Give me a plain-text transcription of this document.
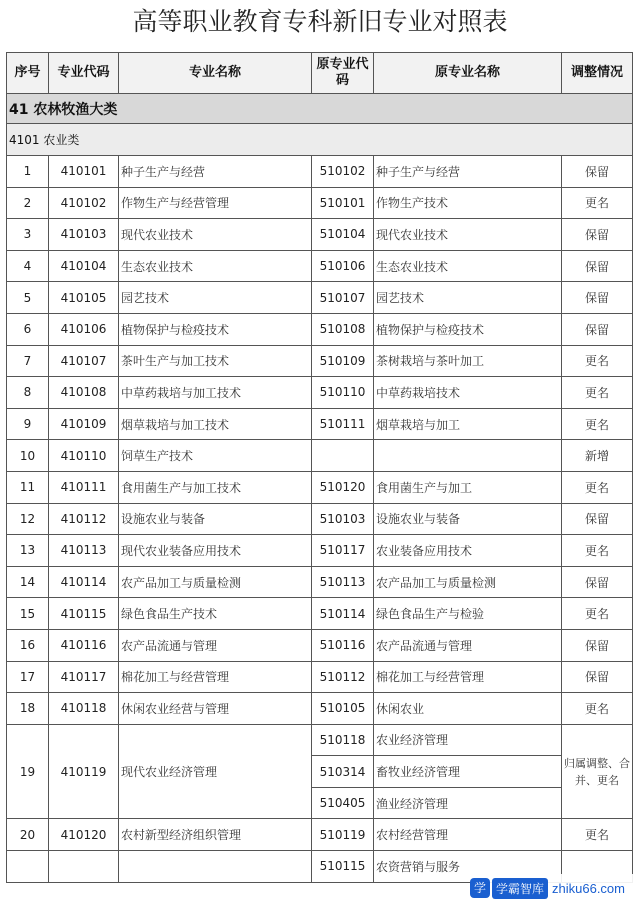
高等职业教育专科新旧专业对照表
序号	专业代码	专业名称	原专业代码	原专业名称	调整情况
41 农林牧渔大类					
4101 农业类					
1	410101	种子生产与经营	510102	种子生产与经营	保留
2	410102	作物生产与经营管理	510101	作物生产技术	更名
3	410103	现代农业技术	510104	现代农业技术	保留
4	410104	生态农业技术	510106	生态农业技术	保留
5	410105	园艺技术	510107	园艺技术	保留
6	410106	植物保护与检疫技术	510108	植物保护与检疫技术	保留
7	410107	茶叶生产与加工技术	510109	茶树栽培与茶叶加工	更名
8	410108	中草药栽培与加工技术	510110	中草药栽培技术	更名
9	410109	烟草栽培与加工技术	510111	烟草栽培与加工	更名
10	410110	饲草生产技术			新增
11	410111	食用菌生产与加工技术	510120	食用菌生产与加工	更名
12	410112	设施农业与装备	510103	设施农业与装备	保留
13	410113	现代农业装备应用技术	510117	农业装备应用技术	更名
14	410114	农产品加工与质量检测	510113	农产品加工与质量检测	保留
15	410115	绿色食品生产技术	510114	绿色食品生产与检验	更名
16	410116	农产品流通与管理	510116	农产品流通与管理	保留
17	410117	棉花加工与经营管理	510112	棉花加工与经营管理	保留
18	410118	休闲农业经营与管理	510105	休闲农业	更名
19	410119	现代农业经济管理	510118	农业经济管理	归属调整、合并、更名
			510314	畜牧业经济管理	
			510405	渔业经济管理	
20	410120	农村新型经济组织管理	510119	农村经营管理	更名
			510115	农资营销与服务	
学 学霸智库 zhiku66.com
